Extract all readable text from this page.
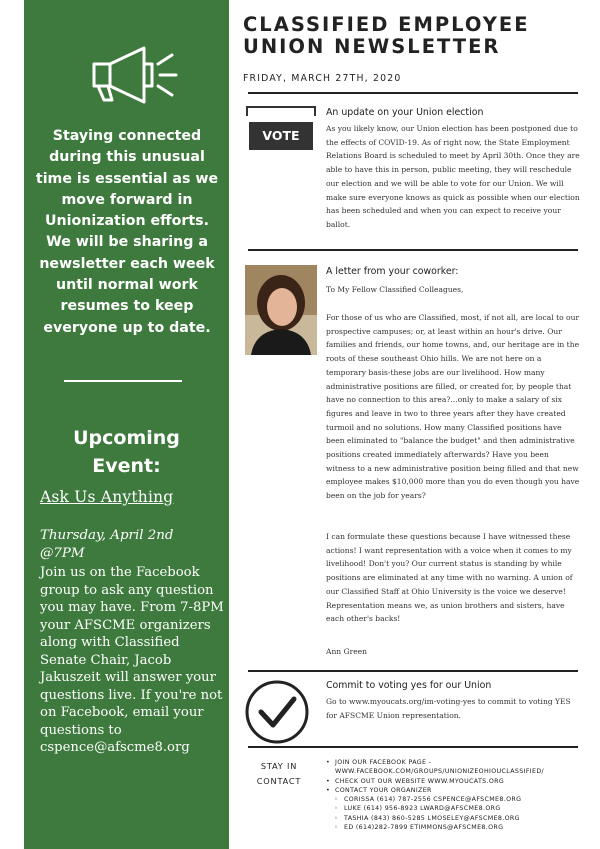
Staying connected during this unusual time is essential as we move forward in Unionization efforts. We will be sharing a newsletter each week until normal work resumes to keep everyone up to date.

Upcoming
Event:
Ask Us Anything
Thursday, April 2nd
@7PM

Join us on the Facebook group to ask any question you may have. From 7-8PM your AFSCME organizers along with Classified Senate Chair, Jacob Jakuszeit will answer your questions live. If you're not on Facebook, email your questions to cspence@afscme8.org

CLASSIFIED EMPLOYEE
UNION NEWSLETTER
FRIDAY, MARCH 27TH, 2020
VOTE
An update on your Union election

As you likely know, our Union election has been postponed due to the effects of COVID-19. As of right now, the State Employment Relations Board is scheduled to meet by April 30th. Once they are able to have this in person, public meeting, they will reschedule our election and we will be able to vote for our Union. We will make sure everyone knows as quick as possible when our election has been scheduled and when you can expect to receive your ballot.

A letter from your coworker:

To My Fellow Classified Colleagues,

For those of us who are Classified, most, if not all, are local to our prospective campuses; or, at least within an hour's drive. Our families and friends, our home towns, and, our heritage are in the roots of these southeast Ohio hills. We are not here on a temporary basis-these jobs are our livelihood. How many administrative positions are filled, or created for, by people that have no connection to this area?...only to make a salary of six figures and leave in two to three years after they have created turmoil and no solutions. How many Classified positions have been eliminated to "balance the budget" and then administrative positions created immediately afterwards? Have you been witness to a new administrative position being filled and that new employee makes $10,000 more than you do even though you have been on the job for years?

I can formulate these questions because I have witnessed these actions! I want representation with a voice when it comes to my livelihood! Don't you? Our current status is standing by while positions are eliminated at any time with no warning. A union of our Classified Staff at Ohio University is the voice we deserve! Representation means we, as union brothers and sisters, have each other's backs!

Ann Green

Commit to voting yes for our Union

Go to www.myoucats.org/im-voting-yes to commit to voting YES for AFSCME Union representation.

STAY IN
CONTACT
• JOIN OUR FACEBOOK PAGE -
WWW.FACEBOOK.COM/GROUPS/UNIONIZEOHIOUCLASSIFIED/
• CHECK OUT OUR WEBSITE WWW.MYOUCATS.ORG
• CONTACT YOUR ORGANIZER
◦ CORISSA (614) 787-2556 CSPENCE@AFSCME8.ORG
◦ LUKE (614) 956-8923 LWARD@AFSCME8.ORG
◦ TASHIA (843) 860-5285 LMOSELEY@AFSCME8.ORG
◦ ED (614)282-7899 ETIMMONS@AFSCME8.ORG
